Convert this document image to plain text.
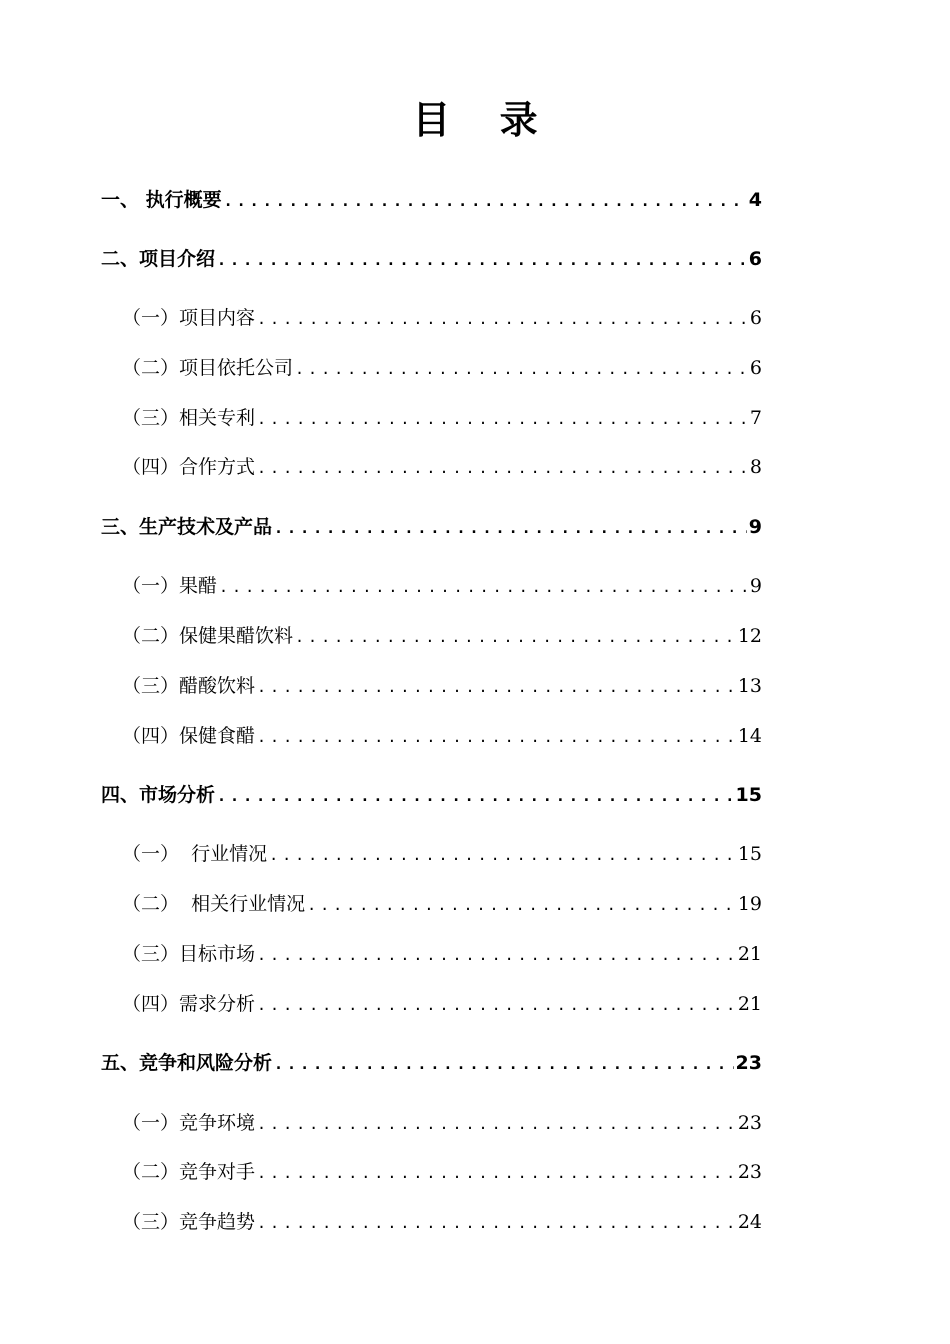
目 录
一、 执行概要 .....	4
二、项目介绍 .....	6
（一）项目内容 .....	6
（二）项目依托公司 .....	6
（三）相关专利 .....	7
（四）合作方式 .....	8
三、生产技术及产品 .....	9
（一）果醋 .....	9
（二）保健果醋饮料 .....	12
（三）醋酸饮料 .....	13
（四）保健食醋 .....	14
四、市场分析 .....	15
（一）  行业情况 .....	15
（二）  相关行业情况 .....	19
（三）目标市场 .....	21
（四）需求分析 .....	21
五、竞争和风险分析 .....	23
（一）竞争环境 .....	23
（二）竞争对手 .....	23
（三）竞争趋势 .....	24
